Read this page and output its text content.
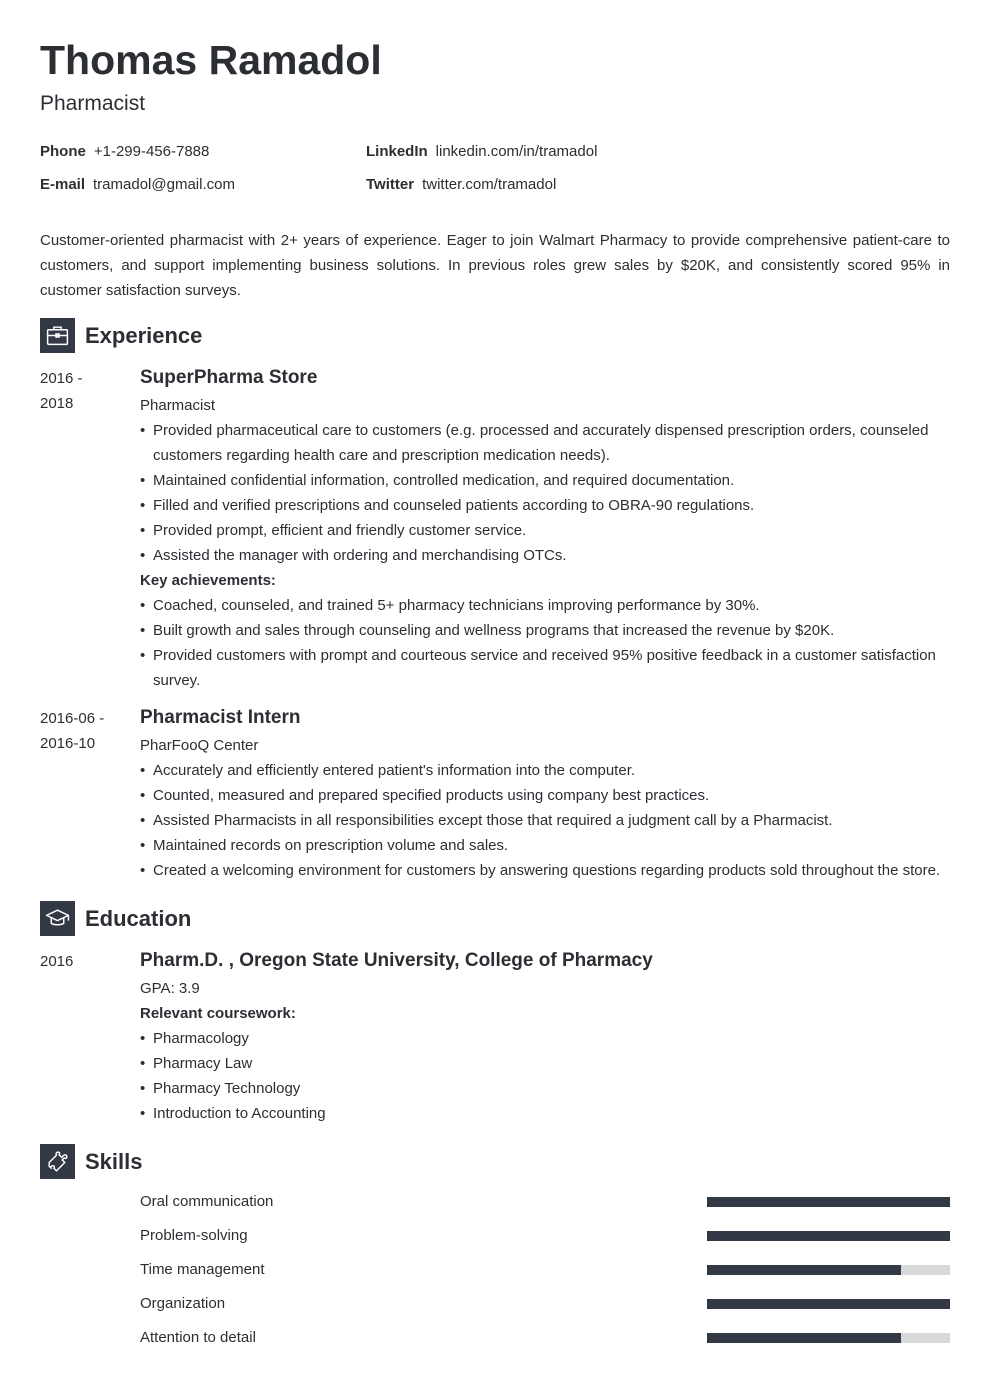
Thomas Ramadol
Pharmacist
Phone +1-299-456-7888
E-mail tramadol@gmail.com
LinkedIn linkedin.com/in/tramadol
Twitter twitter.com/tramadol
Customer-oriented pharmacist with 2+ years of experience. Eager to join Walmart Pharmacy to provide comprehensive patient-care to customers, and support implementing business solutions. In previous roles grew sales by $20K, and consistently scored 95% in customer satisfaction surveys.
Experience
2016 -
2018
SuperPharma Store
Pharmacist
• Provided pharmaceutical care to customers (e.g. processed and accurately dispensed prescription orders, counseled customers regarding health care and prescription medication needs).
• Maintained confidential information, controlled medication, and required documentation.
• Filled and verified prescriptions and counseled patients according to OBRA-90 regulations.
• Provided prompt, efficient and friendly customer service.
• Assisted the manager with ordering and merchandising OTCs.
Key achievements:
• Coached, counseled, and trained 5+ pharmacy technicians improving performance by 30%.
• Built growth and sales through counseling and wellness programs that increased the revenue by $20K.
• Provided customers with prompt and courteous service and received 95% positive feedback in a customer satisfaction survey.
2016-06 -
2016-10
Pharmacist Intern
PharFooQ Center
• Accurately and efficiently entered patient's information into the computer.
• Counted, measured and prepared specified products using company best practices.
• Assisted Pharmacists in all responsibilities except those that required a judgment call by a Pharmacist.
• Maintained records on prescription volume and sales.
• Created a welcoming environment for customers by answering questions regarding products sold throughout the store.
Education
2016	Pharm.D. , Oregon State University, College of Pharmacy
GPA: 3.9
Relevant coursework:
• Pharmacology
• Pharmacy Law
• Pharmacy Technology
• Introduction to Accounting
Skills
Oral communication
Problem-solving
Time management
Organization
Attention to detail
